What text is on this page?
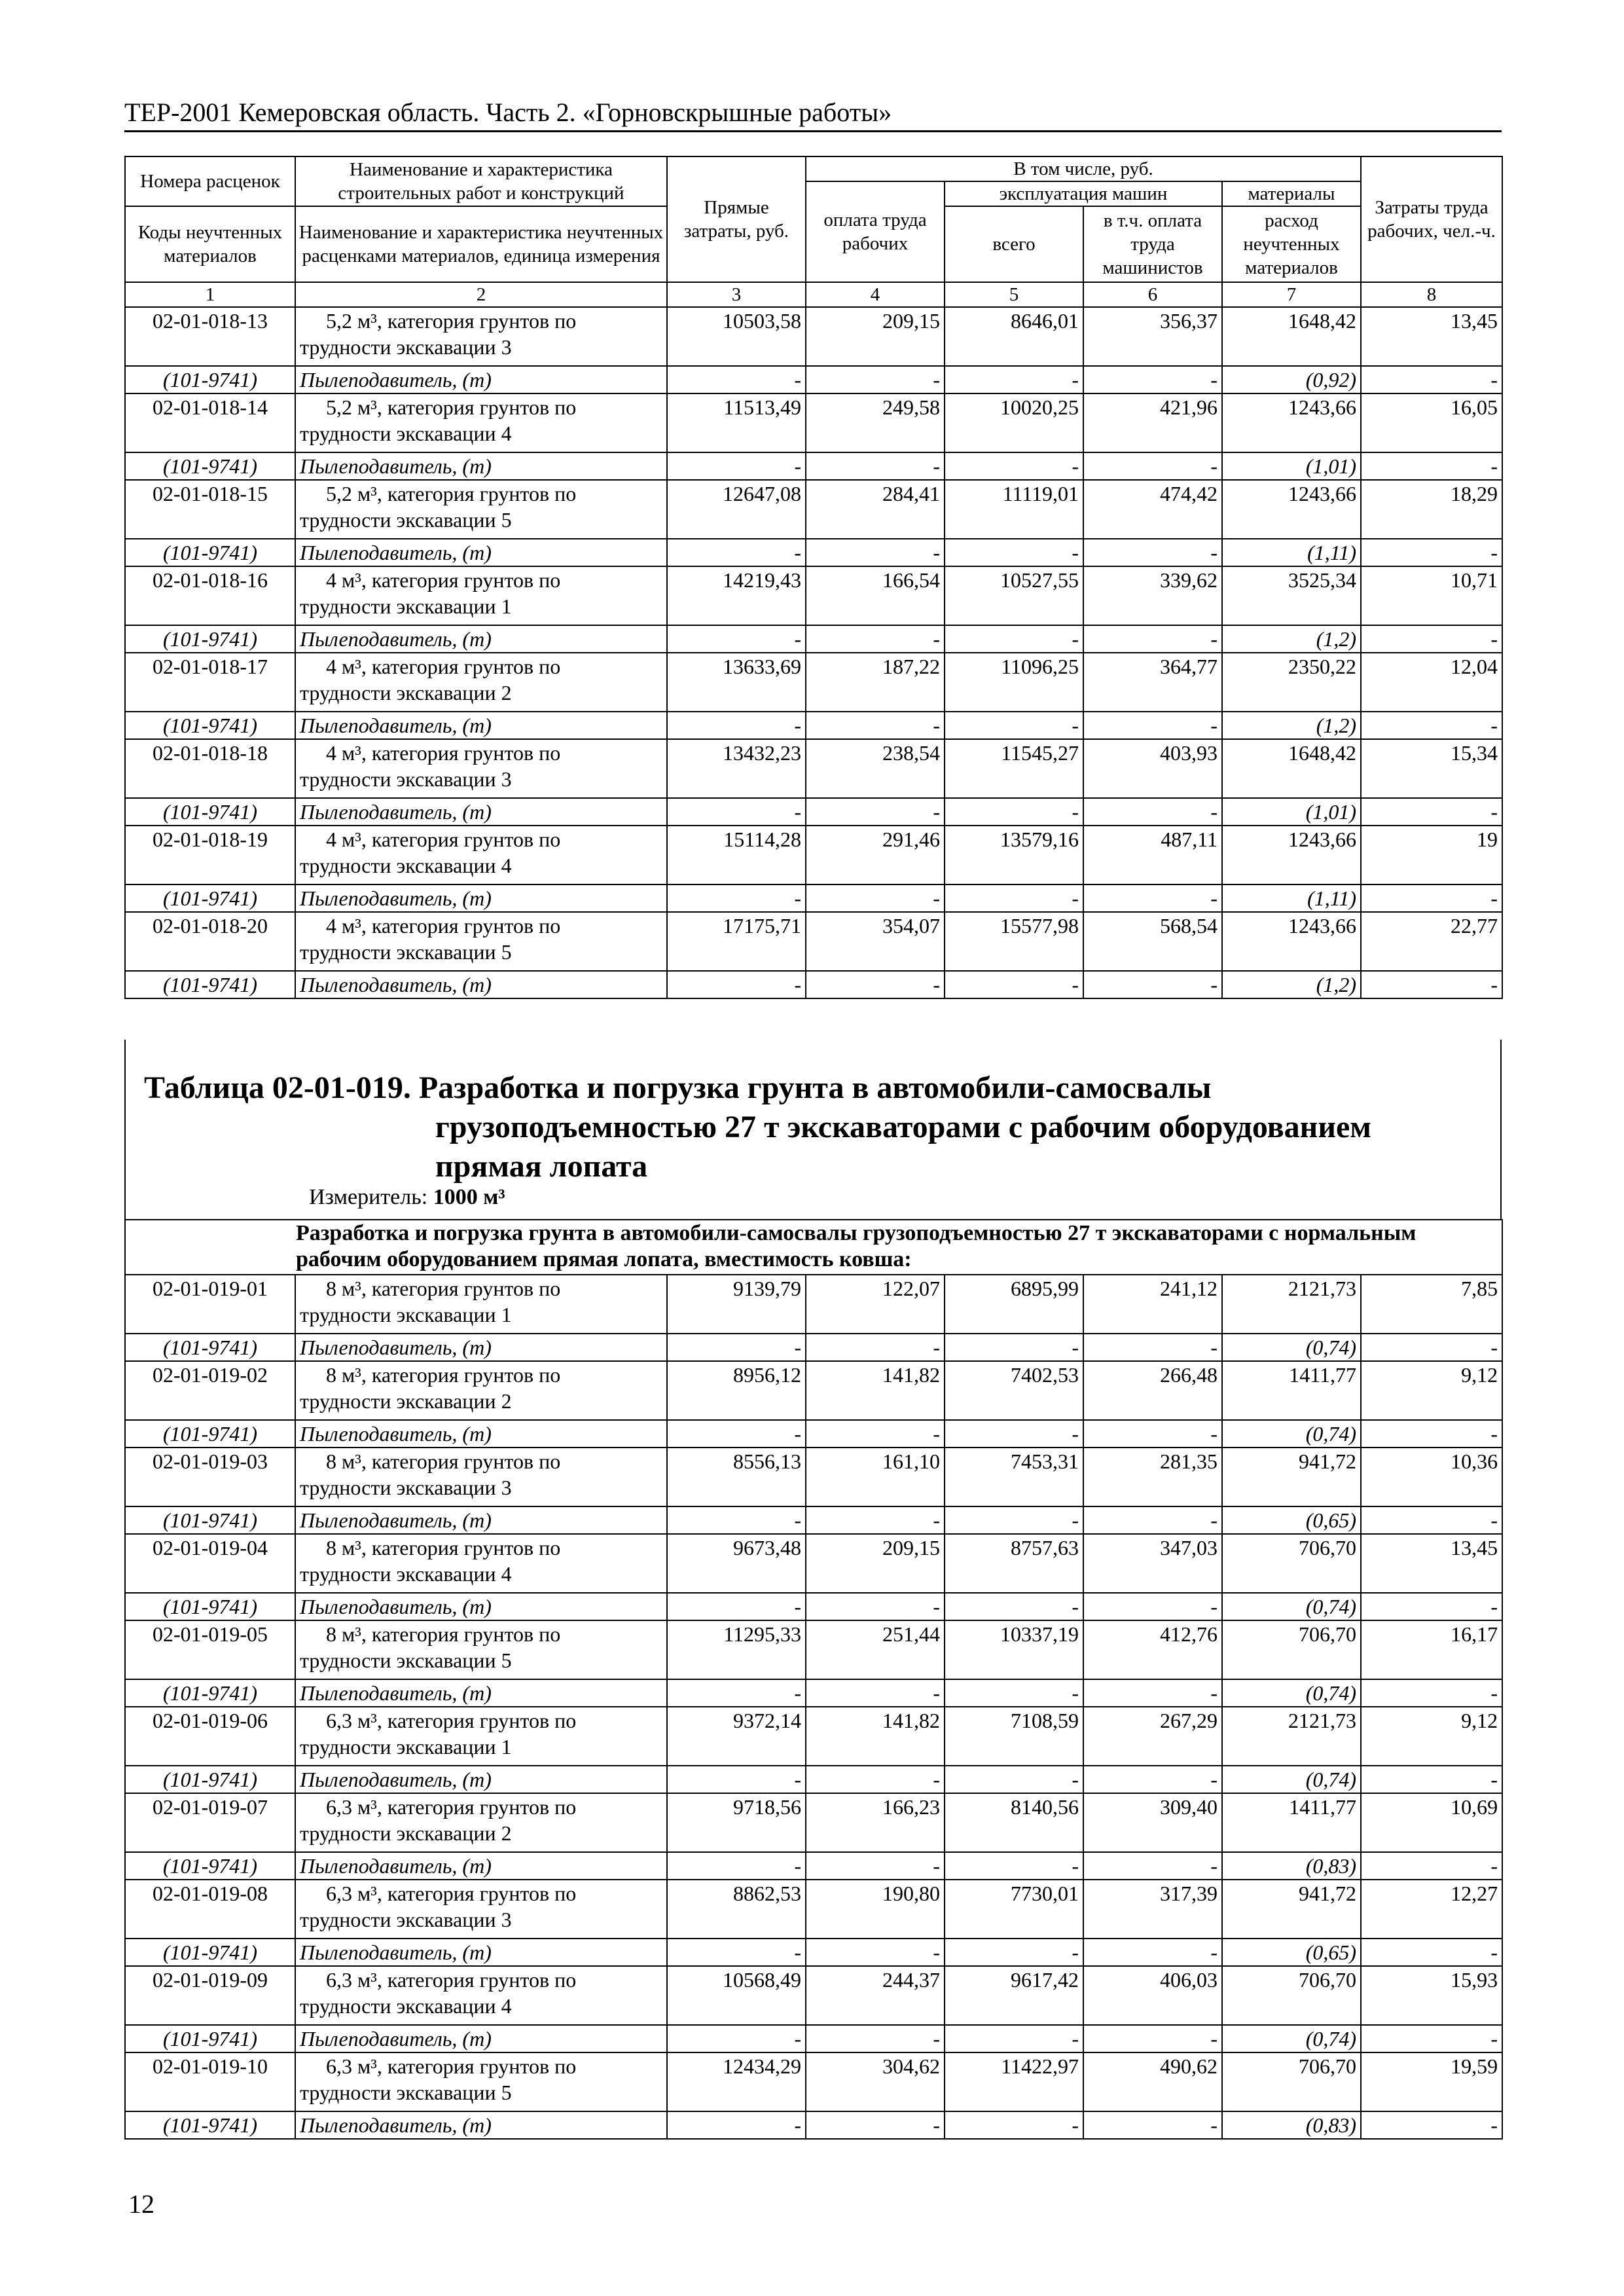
ТЕР-2001 Кемеровская область. Часть 2. «Горновскрышные работы»
Номера расценок	Наименование и характеристика строительных работ и конструкций	Прямые затраты, руб.	В том числе, руб.				Затраты труда рабочих, чел.-ч.
			оплата труда рабочих	эксплуатация машин		материалы	
Коды неучтенных материалов	Наименование и характеристика неучтенных расценками материалов, единица измерения			всего	в т.ч. оплата труда машинистов	расход неучтенных материалов	

1	2	3	4	5	6	7	8
02-01-018-13	5,2 м³, категория грунтов по
трудности экскавации 3	10503,58	209,15	8646,01	356,37	1648,42	13,45
(101-9741)	Пылеподавитель, (т)	-	-	-	-	(0,92)	-
02-01-018-14	5,2 м³, категория грунтов по
трудности экскавации 4	11513,49	249,58	10020,25	421,96	1243,66	16,05
(101-9741)	Пылеподавитель, (т)	-	-	-	-	(1,01)	-
02-01-018-15	5,2 м³, категория грунтов по
трудности экскавации 5	12647,08	284,41	11119,01	474,42	1243,66	18,29
(101-9741)	Пылеподавитель, (т)	-	-	-	-	(1,11)	-
02-01-018-16	4 м³, категория грунтов по
трудности экскавации 1	14219,43	166,54	10527,55	339,62	3525,34	10,71
(101-9741)	Пылеподавитель, (т)	-	-	-	-	(1,2)	-
02-01-018-17	4 м³, категория грунтов по
трудности экскавации 2	13633,69	187,22	11096,25	364,77	2350,22	12,04
(101-9741)	Пылеподавитель, (т)	-	-	-	-	(1,2)	-
02-01-018-18	4 м³, категория грунтов по
трудности экскавации 3	13432,23	238,54	11545,27	403,93	1648,42	15,34
(101-9741)	Пылеподавитель, (т)	-	-	-	-	(1,01)	-
02-01-018-19	4 м³, категория грунтов по
трудности экскавации 4	15114,28	291,46	13579,16	487,11	1243,66	19
(101-9741)	Пылеподавитель, (т)	-	-	-	-	(1,11)	-
02-01-018-20	4 м³, категория грунтов по
трудности экскавации 5	17175,71	354,07	15577,98	568,54	1243,66	22,77
(101-9741)	Пылеподавитель, (т)	-	-	-	-	(1,2)	-
Таблица 02-01-019. Разработка и погрузка грунта в автомобили-самосвалы
грузоподъемностью 27 т экскаваторами с рабочим оборудованием
прямая лопата
Измеритель: 1000 м³
Разработка и погрузка грунта в автомобили-самосвалы грузоподъемностью 27 т экскаваторами с нормальным рабочим оборудованием прямая лопата, вместимость ковша:							
02-01-019-01	8 м³, категория грунтов по
трудности экскавации 1	9139,79	122,07	6895,99	241,12	2121,73	7,85
(101-9741)	Пылеподавитель, (т)	-	-	-	-	(0,74)	-
02-01-019-02	8 м³, категория грунтов по
трудности экскавации 2	8956,12	141,82	7402,53	266,48	1411,77	9,12
(101-9741)	Пылеподавитель, (т)	-	-	-	-	(0,74)	-
02-01-019-03	8 м³, категория грунтов по
трудности экскавации 3	8556,13	161,10	7453,31	281,35	941,72	10,36
(101-9741)	Пылеподавитель, (т)	-	-	-	-	(0,65)	-
02-01-019-04	8 м³, категория грунтов по
трудности экскавации 4	9673,48	209,15	8757,63	347,03	706,70	13,45
(101-9741)	Пылеподавитель, (т)	-	-	-	-	(0,74)	-
02-01-019-05	8 м³, категория грунтов по
трудности экскавации 5	11295,33	251,44	10337,19	412,76	706,70	16,17
(101-9741)	Пылеподавитель, (т)	-	-	-	-	(0,74)	-
02-01-019-06	6,3 м³, категория грунтов по
трудности экскавации 1	9372,14	141,82	7108,59	267,29	2121,73	9,12
(101-9741)	Пылеподавитель, (т)	-	-	-	-	(0,74)	-
02-01-019-07	6,3 м³, категория грунтов по
трудности экскавации 2	9718,56	166,23	8140,56	309,40	1411,77	10,69
(101-9741)	Пылеподавитель, (т)	-	-	-	-	(0,83)	-
02-01-019-08	6,3 м³, категория грунтов по
трудности экскавации 3	8862,53	190,80	7730,01	317,39	941,72	12,27
(101-9741)	Пылеподавитель, (т)	-	-	-	-	(0,65)	-
02-01-019-09	6,3 м³, категория грунтов по
трудности экскавации 4	10568,49	244,37	9617,42	406,03	706,70	15,93
(101-9741)	Пылеподавитель, (т)	-	-	-	-	(0,74)	-
02-01-019-10	6,3 м³, категория грунтов по
трудности экскавации 5	12434,29	304,62	11422,97	490,62	706,70	19,59
(101-9741)	Пылеподавитель, (т)	-	-	-	-	(0,83)	-
12
